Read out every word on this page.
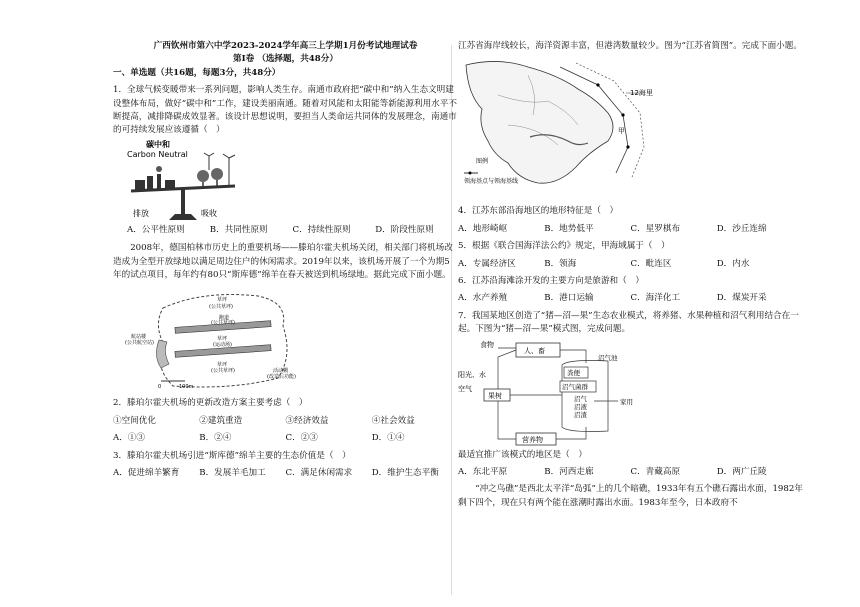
广西钦州市第六中学2023-2024学年高三上学期1月份考试地理试卷

第Ⅰ卷 （选择题，共48分）

一、单选题（共16题，每题3分，共48分）

1．全球气候变暖带来一系列问题，影响人类生存。南通市政府把“碳中和”纳入生态文明建设整体布局，做好“碳中和”工作，建设美丽南通。随着对风能和太阳能等新能源利用水平不断提高，减排降碳成效显著。该设计思想说明，要担当人类命运共同体的发展理念，南通市的可持续发展应该遵循（　）

碳中和
Carbon Neutral
排放	吸收
A．公平性原则	B．共同性原则	C．持续性原则	D．阶段性原则

2008年，德国柏林市历史上的重要机场——滕珀尔霍夫机场关闭，相关部门将机场改造成为全型开放绿地以满足周边住户的休闲需求。2019年以来，该机场开展了一个为期5年的试点项目，每年约有80只“斯库德”绵羊在春天被送到机场绿地。据此完成下面小题。

草坪
(公共草坪)
跑道
(公共草坪)
航站楼
(公共航空站)
草坪
(运动场)
草坪
(公共草坪)	活动棚
(改造后功能)
0	100m

2．滕珀尔霍夫机场的更新改造方案主要考虑（　）

①空间优化	②建筑重造	③经济效益	④社会效益
A．①③	B．②④	C．②③	D．①④

3．滕珀尔霍夫机场引进“斯库德”绵羊主要的生态价值是（　）

A．促进绵羊繁育	B．发展羊毛加工	C．满足休闲需求	D．维护生态平衡

江苏省海岸线较长，海洋资源丰富，但港湾数量较少。图为“江苏省简图”。完成下面小题。

12海里
甲
图例
领海基点与领海基线

4．江苏东部沿海地区的地形特征是（　）

A．地形崎岖	B．地势低平	C．星罗棋布	D．沙丘连绵

5．根据《联合国海洋法公约》规定，甲海域属于（　）

A．专属经济区	B．领海	C．毗连区	D．内水

6．江苏沿海滩涂开发的主要方向是旅游和（　）

A．水产养殖	B．港口运输	C．海洋化工	D．煤炭开采

7．我国某地区创造了“猪—沼—果”生态农业模式，将养猪、水果种植和沼气利用结合在一起。下图为“猪—沼—果”模式图，完成问题。

人、畜
食物
沼气池
粪便
沼气菌群
沼气
沼液
沼渣
家用
果树
阳光、水
空气
营养物

最适宜推广该模式的地区是（　）

A．东北平原	B．河西走廊	C．青藏高原	D．两广丘陵

“冲之鸟礁”是西北太平洋“岛弧”上的几个暗礁，1933年有五个礁石露出水面，1982年剩下四个，现在只有两个能在涨潮时露出水面。1983年至今，日本政府不
